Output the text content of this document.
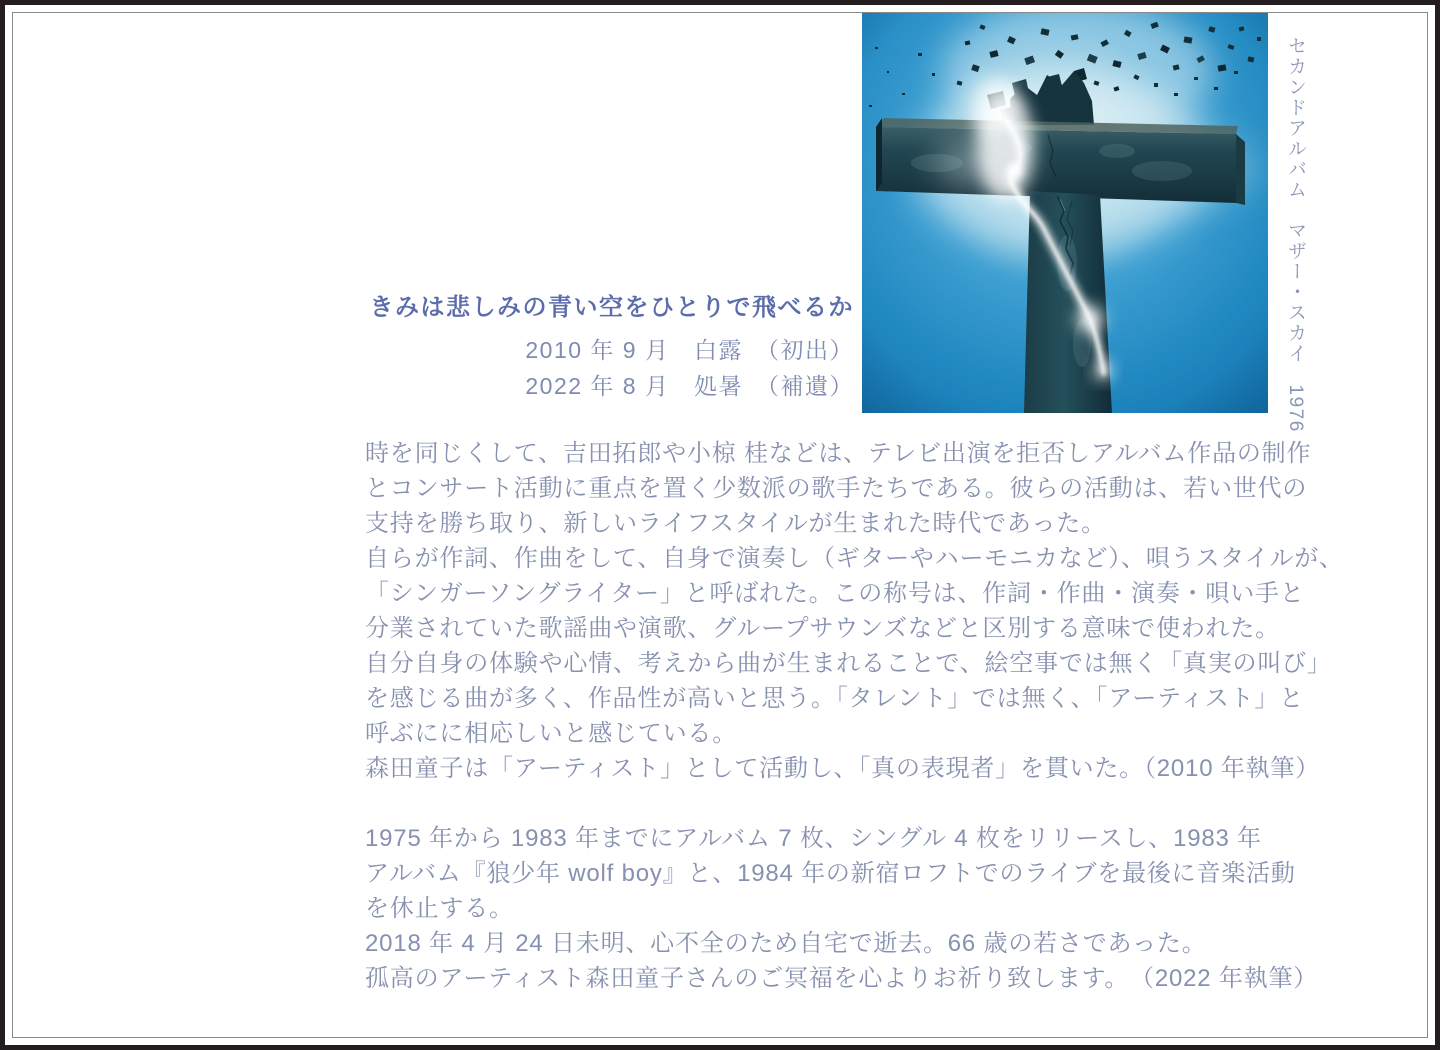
セカンドアルバム　マザー・スカイ　1976
きみは悲しみの青い空をひとりで飛べるか
2010 年 9 月　白露　（初出）
2022 年 8 月　処暑　（補遺）
時を同じくして、吉田拓郎や小椋 桂などは、テレビ出演を拒否しアルバム作品の制作
とコンサート活動に重点を置く少数派の歌手たちである。彼らの活動は、若い世代の
支持を勝ち取り、新しいライフスタイルが生まれた時代であった。
自らが作詞、作曲をして、自身で演奏し（ギターやハーモニカなど）、唄うスタイルが、
「シンガーソングライター」と呼ばれた。この称号は、作詞・作曲・演奏・唄い手と
分業されていた歌謡曲や演歌、グループサウンズなどと区別する意味で使われた。
自分自身の体験や心情、考えから曲が生まれることで、絵空事では無く「真実の叫び」
を感じる曲が多く、作品性が高いと思う。「タレント」では無く、「アーティスト」と
呼ぶにに相応しいと感じている。
森田童子は「アーティスト」として活動し、「真の表現者」を貫いた。（2010 年執筆）
1975 年から 1983 年までにアルバム 7 枚、シングル 4 枚をリリースし、1983 年
アルバム『狼少年 wolf boy』と、1984 年の新宿ロフトでのライブを最後に音楽活動
を休止する。
2018 年 4 月 24 日未明、心不全のため自宅で逝去。66 歳の若さであった。
孤高のアーティスト森田童子さんのご冥福を心よりお祈り致します。　（2022 年執筆）
